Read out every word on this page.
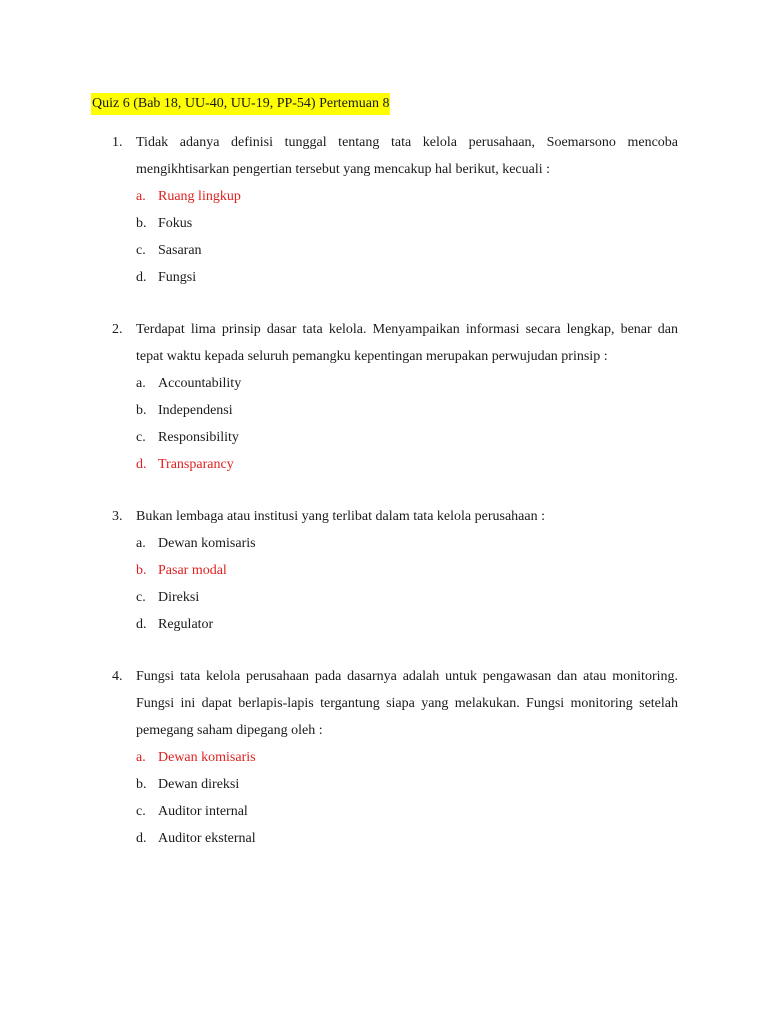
Quiz 6 (Bab 18, UU-40, UU-19, PP-54) Pertemuan 8
1. Tidak adanya definisi tunggal tentang tata kelola perusahaan, Soemarsono mencoba mengikhtisarkan pengertian tersebut yang mencakup hal berikut, kecuali :
a. Ruang lingkup
b. Fokus
c. Sasaran
d. Fungsi
2. Terdapat lima prinsip dasar tata kelola. Menyampaikan informasi secara lengkap, benar dan tepat waktu kepada seluruh pemangku kepentingan merupakan perwujudan prinsip :
a. Accountability
b. Independensi
c. Responsibility
d. Transparancy
3. Bukan lembaga atau institusi yang terlibat dalam tata kelola perusahaan :
a. Dewan komisaris
b. Pasar modal
c. Direksi
d. Regulator
4. Fungsi tata kelola perusahaan pada dasarnya adalah untuk pengawasan dan atau monitoring. Fungsi ini dapat berlapis-lapis tergantung siapa yang melakukan. Fungsi monitoring setelah pemegang saham dipegang oleh :
a. Dewan komisaris
b. Dewan direksi
c. Auditor internal
d. Auditor eksternal
